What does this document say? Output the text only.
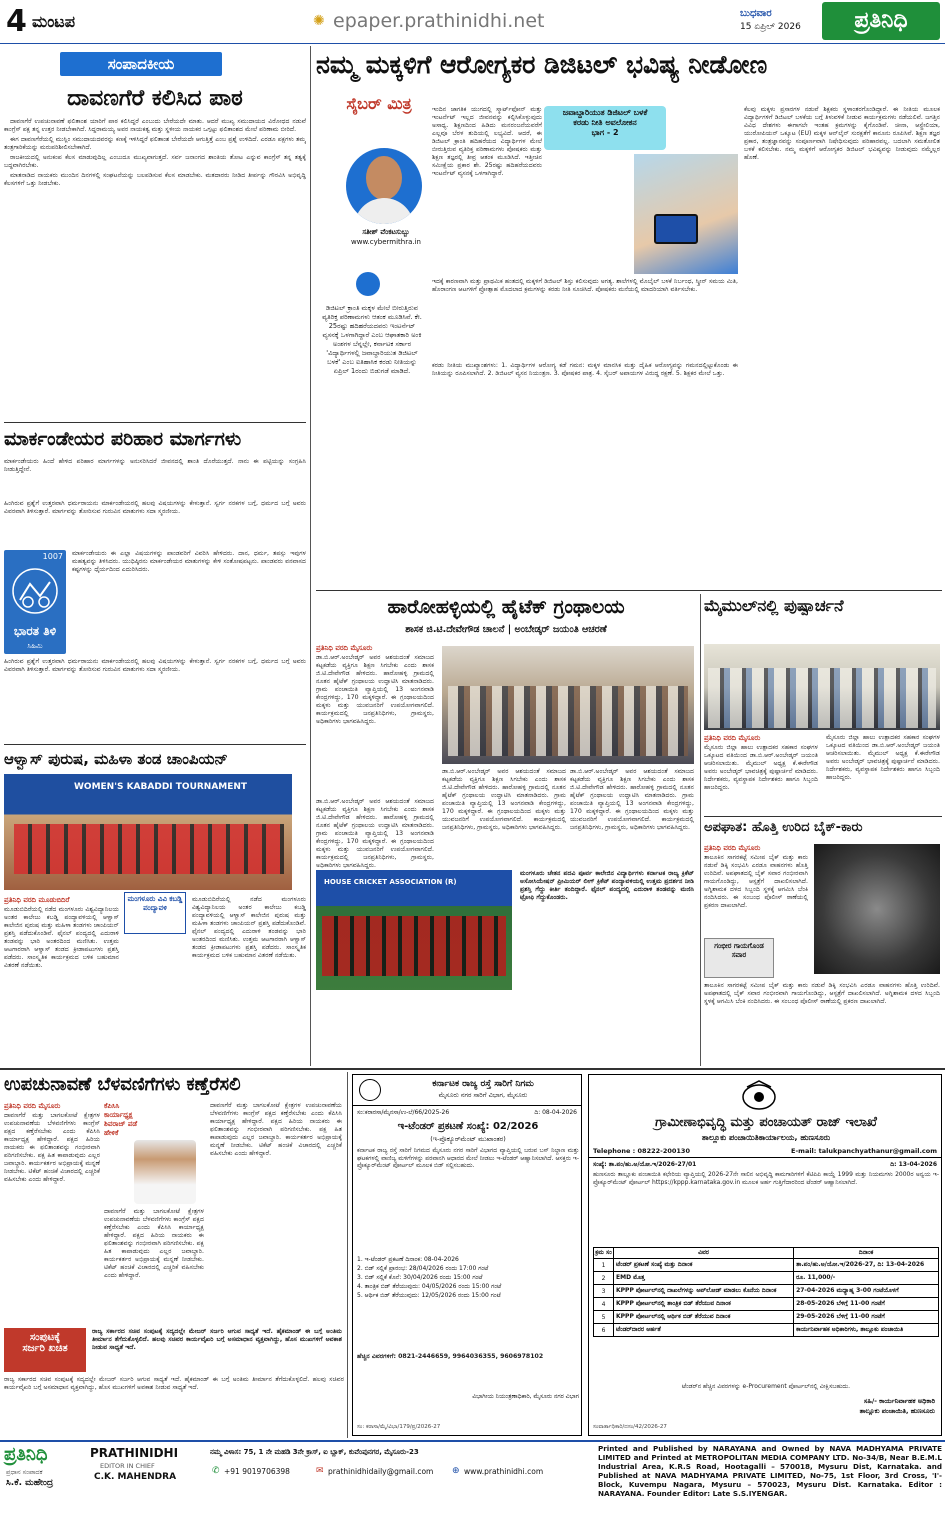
4 ಮಂಟಪ	✺ epaper.prathinidhi.net	ಬುಧವಾರ
15 ಏಪ್ರಿಲ್ 2026	ಪ್ರತಿನಿಧಿ
ಸಂಪಾದಕೀಯ
ದಾವಣಗೆರೆ ಕಲಿಸಿದ ಪಾಠ

ದಾವಣಗೆರೆ ಉಪಚುನಾವಣೆ ಫಲಿತಾಂಶ ಯಾರಿಗೆ ಪಾಠ ಕಲಿಸಿದ್ದರೆ ಎಂಬುದು ಬೇರೆಯದೇ ಮಾತು. ಆದರೆ ಮುಖ್ಯ ಸಮುದಾಯದ ವಿರೋಧದ ನಡುವೆ ಕಾಂಗ್ರೆಸ್ ಪಕ್ಷ ತನ್ನ ಉತ್ತರ ನೀಡಬೇಕಾಗಿದೆ. ಸಿದ್ದರಾಮಯ್ಯ ಅವರ ನಾಯಕತ್ವ ಮತ್ತು ಸ್ಥಳೀಯ ನಾಯಕರ ಒಗ್ಗಟ್ಟು ಫಲಿತಾಂಶದ ಮೇಲೆ ಪರಿಣಾಮ ಬೀರಿದೆ.

ಈಗ ದಾವಣಗೆರೆಯಲ್ಲಿ ಮುಸ್ಲಿಂ ಸಮುದಾಯದವರನ್ನು ಕಣಕ್ಕೆ ಇಳಿಸಿದ್ದರೆ ಫಲಿತಾಂಶ ಬೇರೆಯದೇ ಆಗುತ್ತಿತ್ತೆ ಎಂಬ ಪ್ರಶ್ನೆ ಉಳಿದಿದೆ. ಎರಡೂ ಪಕ್ಷಗಳು ತಮ್ಮ ತಂತ್ರಗಾರಿಕೆಯನ್ನು ಮರುಪರಿಶೀಲಿಸಬೇಕಾಗಿದೆ.

ರಾಜಕೀಯದಲ್ಲಿ ಅನುಕಂಪ ಕೆಲಸ ಮಾಡುವುದಿಲ್ಲ ಎಂಬುದೂ ಮುಖ್ಯವಾಗುತ್ತದೆ. ಸರ್ವ ಜನಾಂಗದ ಶಾಂತಿಯ ತೋಟ ಎನ್ನುವ ಕಾಂಗ್ರೆಸ್ ತನ್ನ ತತ್ವಕ್ಕೆ ಬದ್ಧವಾಗಿರಬೇಕು.

ಮಾತನಾಡಿದ ನಾಯಕರು ಮುಂದಿನ ದಿನಗಳಲ್ಲಿ ಸಂಘಟನೆಯನ್ನು ಬಲಪಡಿಸುವ ಕೆಲಸ ಮಾಡಬೇಕು. ಮತದಾರರು ನೀಡಿದ ತೀರ್ಪನ್ನು ಗೌರವಿಸಿ ಅಭಿವೃದ್ಧಿ ಕೆಲಸಗಳಿಗೆ ಒತ್ತು ನೀಡಬೇಕು.

ಮಾರ್ಕಂಡೇಯರ ಪರಿಹಾರ ಮಾರ್ಗಗಳು
ಮಾರ್ಕಂಡೇಯರು ಹಿಂದೆ ಹೇಳಿದ ಪರಿಹಾರ ಮಾರ್ಗಗಳನ್ನು ಅನುಸರಿಸಿದರೆ ಜೀವನದಲ್ಲಿ ಶಾಂತಿ ದೊರೆಯುತ್ತದೆ. ನಾನು ಈ ಪಟ್ಟಿಯನ್ನು ಸಂಗ್ರಹಿಸಿ ನೀಡುತ್ತಿದ್ದೇನೆ.
ಹಿಂಗಿರುವ ಪ್ರಶ್ನೆಗೆ ಉತ್ತರವಾಗಿ ಧರ್ಮರಾಯನು ಮಾರ್ಕಂಡೇಯರಲ್ಲಿ ಹಲವು ವಿಷಯಗಳನ್ನು ಕೇಳುತ್ತಾನೆ. ಸ್ವರ್ಗ ನರಕಗಳ ಬಗ್ಗೆ, ಧರ್ಮದ ಬಗ್ಗೆ ಅವರು ವಿವರವಾಗಿ ತಿಳಿಸುತ್ತಾರೆ. ಮಾರ್ಗವನ್ನು ತೋರಿಸುವ ಗುರುವಿನ ಮಾತುಗಳು ಸದಾ ಸ್ಮರಣೀಯ.
1007
ಭಾರತ ತಿಳಿ
ಸಿಹಿಮಿ
ಮಾರ್ಕಂಡೇಯರು ಈ ಎಲ್ಲಾ ವಿಷಯಗಳನ್ನು ಪಾಂಡವರಿಗೆ ವಿವರಿಸಿ ಹೇಳಿದರು. ದಾನ, ಧರ್ಮ, ತಪಸ್ಸು ಇವುಗಳ ಮಹತ್ವವನ್ನು ತಿಳಿಸಿದರು. ಯುಧಿಷ್ಠಿರನು ಮಾರ್ಕಂಡೇಯರ ಮಾತುಗಳನ್ನು ಕೇಳಿ ಸಂತೋಷಪಟ್ಟನು. ಪಾಂಡವರು ವನವಾಸದ ಕಷ್ಟಗಳನ್ನು ಧೈರ್ಯದಿಂದ ಎದುರಿಸಿದರು.
ಹಿಂಗಿರುವ ಪ್ರಶ್ನೆಗೆ ಉತ್ತರವಾಗಿ ಧರ್ಮರಾಯನು ಮಾರ್ಕಂಡೇಯರಲ್ಲಿ ಹಲವು ವಿಷಯಗಳನ್ನು ಕೇಳುತ್ತಾನೆ. ಸ್ವರ್ಗ ನರಕಗಳ ಬಗ್ಗೆ, ಧರ್ಮದ ಬಗ್ಗೆ ಅವರು ವಿವರವಾಗಿ ತಿಳಿಸುತ್ತಾರೆ. ಮಾರ್ಗವನ್ನು ತೋರಿಸುವ ಗುರುವಿನ ಮಾತುಗಳು ಸದಾ ಸ್ಮರಣೀಯ.
ಆಳ್ವಾಸ್ ಪುರುಷ, ಮಹಿಳಾ ತಂಡ ಚಾಂಪಿಯನ್
WOMEN'S KABADDI TOURNAMENT
ಪ್ರತಿನಿಧಿ ವರದಿ ಮೂಡುಬಿದಿರೆ	ಮಂಗಳೂರು ವಿವಿ ಕಬಡ್ಡಿ ಪಂದ್ಯಾವಳಿ
ಮೂಡುಬಿದಿರೆಯಲ್ಲಿ ನಡೆದ ಮಂಗಳೂರು ವಿಶ್ವವಿದ್ಯಾನಿಲಯ ಅಂತರ ಕಾಲೇಜು ಕಬಡ್ಡಿ ಪಂದ್ಯಾವಳಿಯಲ್ಲಿ ಆಳ್ವಾಸ್ ಕಾಲೇಜಿನ ಪುರುಷ ಮತ್ತು ಮಹಿಳಾ ತಂಡಗಳು ಚಾಂಪಿಯನ್ ಪ್ರಶಸ್ತಿ ಪಡೆದುಕೊಂಡಿವೆ. ಫೈನಲ್ ಪಂದ್ಯದಲ್ಲಿ ಎದುರಾಳಿ ತಂಡವನ್ನು ಭಾರಿ ಅಂತರದಿಂದ ಮಣಿಸಿತು. ಉತ್ತಮ ಆಟಗಾರರಾಗಿ ಆಳ್ವಾಸ್ ತಂಡದ ಕ್ರೀಡಾಪಟುಗಳು ಪ್ರಶಸ್ತಿ ಪಡೆದರು. ಸಾಂಸ್ಕೃತಿಕ ಕಾರ್ಯಕ್ರಮದ ಬಳಿಕ ಬಹುಮಾನ ವಿತರಣೆ ನಡೆಯಿತು.
ಮೂಡುಬಿದಿರೆಯಲ್ಲಿ ನಡೆದ ಮಂಗಳೂರು ವಿಶ್ವವಿದ್ಯಾನಿಲಯ ಅಂತರ ಕಾಲೇಜು ಕಬಡ್ಡಿ ಪಂದ್ಯಾವಳಿಯಲ್ಲಿ ಆಳ್ವಾಸ್ ಕಾಲೇಜಿನ ಪುರುಷ ಮತ್ತು ಮಹಿಳಾ ತಂಡಗಳು ಚಾಂಪಿಯನ್ ಪ್ರಶಸ್ತಿ ಪಡೆದುಕೊಂಡಿವೆ. ಫೈನಲ್ ಪಂದ್ಯದಲ್ಲಿ ಎದುರಾಳಿ ತಂಡವನ್ನು ಭಾರಿ ಅಂತರದಿಂದ ಮಣಿಸಿತು. ಉತ್ತಮ ಆಟಗಾರರಾಗಿ ಆಳ್ವಾಸ್ ತಂಡದ ಕ್ರೀಡಾಪಟುಗಳು ಪ್ರಶಸ್ತಿ ಪಡೆದರು. ಸಾಂಸ್ಕೃತಿಕ ಕಾರ್ಯಕ್ರಮದ ಬಳಿಕ ಬಹುಮಾನ ವಿತರಣೆ ನಡೆಯಿತು.
ನಮ್ಮ ಮಕ್ಕಳಿಗೆ ಆರೋಗ್ಯಕರ ಡಿಜಿಟಲ್ ಭವಿಷ್ಯ ನೀಡೋಣ
ಸೈಬರ್ ಮಿತ್ರ
ಸತೀಶ್ ವೆಂಕಟಸುಬ್ಬು
www.cybermithra.in
ಡಿಜಿಟಲ್ ಕ್ರಾಂತಿ ಮಕ್ಕಳ ಮೇಲೆ ಬೀರುತ್ತಿರುವ ವ್ಯತಿರಿಕ್ತ ಪರಿಣಾಮಗಳು ಆತಂಕ ಮೂಡಿಸಿವೆ. ಕೇ. 25ರಷ್ಟು ಹದಿಹರೆಯದವರು ಇಂಟರ್ನೆಟ್ ವ್ಯಸನಕ್ಕೆ ಒಳಗಾಗಿದ್ದಾರೆ ಎಂಬ ಆಘಾತಕಾರಿ ಅಂಕಿ ಅಂಶಗಳ ಬೆನ್ನಲ್ಲೇ, ಕರ್ನಾಟಕ ಸರ್ಕಾರ 'ವಿದ್ಯಾರ್ಥಿಗಳಲ್ಲಿ ಜವಾಬ್ದಾರಿಯುತ ಡಿಜಿಟಲ್ ಬಳಕೆ' ಎಂಬ ಐತಿಹಾಸಿಕ ಕರಡು ನೀತಿಯನ್ನು ಏಪ್ರಿಲ್ 1ರಂದು ಬಿಡುಗಡೆ ಮಾಡಿದೆ.
ಜವಾಬ್ದಾರಿಯುತ ಡಿಜಿಟಲ್ ಬಳಕೆ
ಕರಡು ನೀತಿ ಅವಲೋಕನ
ಭಾಗ - 2
ಇಂದಿನ ಜಾಗತಿಕ ಯುಗದಲ್ಲಿ ಸ್ಮಾರ್ಟ್‌ಫೋನ್ ಮತ್ತು ಇಂಟರ್ನೆಟ್ ಇಲ್ಲದ ಜೀವನವನ್ನು ಕಲ್ಪಿಸಿಕೊಳ್ಳುವುದು ಅಸಾಧ್ಯ. ಶಿಕ್ಷಣದಿಂದ ಹಿಡಿದು ಮನರಂಜನೆಯವರೆಗೆ ಎಲ್ಲವೂ ಬೆರಳ ತುದಿಯಲ್ಲಿ ಲಭ್ಯವಿದೆ. ಆದರೆ, ಈ ಡಿಜಿಟಲ್ ಕ್ರಾಂತಿ ಹದಿಹರೆಯದ ವಿದ್ಯಾರ್ಥಿಗಳ ಮೇಲೆ ಬೀರುತ್ತಿರುವ ವ್ಯತಿರಿಕ್ತ ಪರಿಣಾಮಗಳು ಪೋಷಕರು ಮತ್ತು ಶಿಕ್ಷಣ ತಜ್ಞರಲ್ಲಿ ತೀವ್ರ ಆತಂಕ ಮೂಡಿಸಿದೆ. ಇತ್ತೀಚಿನ ಸಮೀಕ್ಷೆಯ ಪ್ರಕಾರ ಶೇ. 25ರಷ್ಟು ಹದಿಹರೆಯದವರು ಇಂಟರ್ನೆಟ್ ವ್ಯಸನಕ್ಕೆ ಒಳಗಾಗಿದ್ದಾರೆ.
ಇದಕ್ಕೆ ಕಾರಣವಾಗಿ ಮತ್ತು ಪ್ರಾಥಮಿಕ ಹಂತದಲ್ಲಿ ಮಕ್ಕಳಿಗೆ ಡಿಜಿಟಲ್ ಶಿಸ್ತು ಕಲಿಸುವುದು ಅಗತ್ಯ. ಶಾಲೆಗಳಲ್ಲಿ ಮೊಬೈಲ್ ಬಳಕೆ ನಿರ್ಬಂಧ, ಸ್ಕ್ರೀನ್ ಸಮಯ ಮಿತಿ, ಹೊರಾಂಗಣ ಆಟಗಳಿಗೆ ಪ್ರೋತ್ಸಾಹ ಮೊದಲಾದ ಕ್ರಮಗಳನ್ನು ಕರಡು ನೀತಿ ಸೂಚಿಸಿದೆ. ಪೋಷಕರು ಮನೆಯಲ್ಲಿ ಮಾದರಿಯಾಗಿ ವರ್ತಿಸಬೇಕು.
ಕರಡು ನೀತಿಯ ಮುಖ್ಯಾಂಶಗಳು: 1. ವಿದ್ಯಾರ್ಥಿಗಳ ಆರೋಗ್ಯ ಕಡೆ ಗಮನ: ಮಕ್ಕಳ ಮಾನಸಿಕ ಮತ್ತು ದೈಹಿಕ ಆರೋಗ್ಯವನ್ನು ಗಮನದಲ್ಲಿಟ್ಟುಕೊಂಡು ಈ ನೀತಿಯನ್ನು ರೂಪಿಸಲಾಗಿದೆ. 2. ಡಿಜಿಟಲ್ ವ್ಯಸನ ನಿಯಂತ್ರಣ. 3. ಪೋಷಕರ ಪಾತ್ರ. 4. ಸೈಬರ್ ಅಪಾಯಗಳ ವಿರುದ್ಧ ರಕ್ಷಣೆ. 5. ಶಿಕ್ಷಕರ ಮೇಲೆ ಒತ್ತು.
ಕೆಲವು ಮಕ್ಕಳು ಪ್ರಸಾರಗಳ ನಡುವೆ ಶಿಕ್ಷಕರು ಸ್ಥಳಾಂತರಗೊಂಡಿದ್ದಾರೆ. ಈ ನೀತಿಯ ಮೂಲಕ ವಿದ್ಯಾರ್ಥಿಗಳಿಗೆ ಡಿಜಿಟಲ್ ಬಳಕೆಯ ಬಗ್ಗೆ ತಿಳುವಳಿಕೆ ನೀಡುವ ಕಾರ್ಯಕ್ರಮಗಳು ನಡೆಯಲಿವೆ. ಜಗತ್ತಿನ ವಿವಿಧ ದೇಶಗಳು ಈಗಾಗಲೇ ಇಂತಹ ಕ್ರಮಗಳನ್ನು ಕೈಗೊಂಡಿವೆ. ಚೀನಾ, ಆಸ್ಟ್ರೇಲಿಯಾ, ಯುರೋಪಿಯನ್ ಒಕ್ಕೂಟ (EU) ಮಕ್ಕಳ ಆನ್‌ಲೈನ್ ಸುರಕ್ಷತೆಗೆ ಕಾನೂನು ರೂಪಿಸಿವೆ. ಶಿಕ್ಷಣ ತಜ್ಞರ ಪ್ರಕಾರ, ತಂತ್ರಜ್ಞಾನವನ್ನು ಸಂಪೂರ್ಣವಾಗಿ ನಿಷೇಧಿಸುವುದು ಪರಿಹಾರವಲ್ಲ. ಬದಲಾಗಿ ಸಮತೋಲಿತ ಬಳಕೆ ಕಲಿಸಬೇಕು. ನಮ್ಮ ಮಕ್ಕಳಿಗೆ ಆರೋಗ್ಯಕರ ಡಿಜಿಟಲ್ ಭವಿಷ್ಯವನ್ನು ನೀಡುವುದು ನಮ್ಮೆಲ್ಲರ ಹೊಣೆ.
ಹಾರೋಹಳ್ಳಿಯಲ್ಲಿ ಹೈಟೆಕ್ ಗ್ರಂಥಾಲಯ
ಶಾಸಕ ಜಿ.ಟಿ.ದೇವೇಗೌಡ ಚಾಲನೆ | ಅಂಬೇಡ್ಕರ್ ಜಯಂತಿ ಆಚರಣೆ
ಪ್ರತಿನಿಧಿ ವರದಿ ಮೈಸೂರು
ಡಾ.ಬಿ.ಆರ್.ಅಂಬೇಡ್ಕರ್ ಅವರ ಆಶಯದಂತೆ ಸಮಾಜದ ಕಟ್ಟಕಡೆಯ ವ್ಯಕ್ತಿಗೂ ಶಿಕ್ಷಣ ಸಿಗಬೇಕು ಎಂದು ಶಾಸಕ ಜಿ.ಟಿ.ದೇವೇಗೌಡ ಹೇಳಿದರು. ಹಾರೋಹಳ್ಳಿ ಗ್ರಾಮದಲ್ಲಿ ನೂತನ ಹೈಟೆಕ್ ಗ್ರಂಥಾಲಯ ಉದ್ಘಾಟಿಸಿ ಮಾತನಾಡಿದರು. ಗ್ರಾಮ ಪಂಚಾಯಿತಿ ವ್ಯಾಪ್ತಿಯಲ್ಲಿ 13 ಅಂಗನವಾಡಿ ಕೇಂದ್ರಗಳಿದ್ದು, 170 ಮಕ್ಕಳಿದ್ದಾರೆ. ಈ ಗ್ರಂಥಾಲಯದಿಂದ ಮಕ್ಕಳು ಮತ್ತು ಯುವಜನರಿಗೆ ಉಪಯೋಗವಾಗಲಿದೆ. ಕಾರ್ಯಕ್ರಮದಲ್ಲಿ ಜನಪ್ರತಿನಿಧಿಗಳು, ಗ್ರಾಮಸ್ಥರು, ಅಧಿಕಾರಿಗಳು ಭಾಗವಹಿಸಿದ್ದರು.
ಡಾ.ಬಿ.ಆರ್.ಅಂಬೇಡ್ಕರ್ ಅವರ ಆಶಯದಂತೆ ಸಮಾಜದ ಕಟ್ಟಕಡೆಯ ವ್ಯಕ್ತಿಗೂ ಶಿಕ್ಷಣ ಸಿಗಬೇಕು ಎಂದು ಶಾಸಕ ಜಿ.ಟಿ.ದೇವೇಗೌಡ ಹೇಳಿದರು. ಹಾರೋಹಳ್ಳಿ ಗ್ರಾಮದಲ್ಲಿ ನೂತನ ಹೈಟೆಕ್ ಗ್ರಂಥಾಲಯ ಉದ್ಘಾಟಿಸಿ ಮಾತನಾಡಿದರು. ಗ್ರಾಮ ಪಂಚಾಯಿತಿ ವ್ಯಾಪ್ತಿಯಲ್ಲಿ 13 ಅಂಗನವಾಡಿ ಕೇಂದ್ರಗಳಿದ್ದು, 170 ಮಕ್ಕಳಿದ್ದಾರೆ. ಈ ಗ್ರಂಥಾಲಯದಿಂದ ಮಕ್ಕಳು ಮತ್ತು ಯುವಜನರಿಗೆ ಉಪಯೋಗವಾಗಲಿದೆ. ಕಾರ್ಯಕ್ರಮದಲ್ಲಿ ಜನಪ್ರತಿನಿಧಿಗಳು, ಗ್ರಾಮಸ್ಥರು, ಅಧಿಕಾರಿಗಳು ಭಾಗವಹಿಸಿದ್ದರು.
ಡಾ.ಬಿ.ಆರ್.ಅಂಬೇಡ್ಕರ್ ಅವರ ಆಶಯದಂತೆ ಸಮಾಜದ ಕಟ್ಟಕಡೆಯ ವ್ಯಕ್ತಿಗೂ ಶಿಕ್ಷಣ ಸಿಗಬೇಕು ಎಂದು ಶಾಸಕ ಜಿ.ಟಿ.ದೇವೇಗೌಡ ಹೇಳಿದರು. ಹಾರೋಹಳ್ಳಿ ಗ್ರಾಮದಲ್ಲಿ ನೂತನ ಹೈಟೆಕ್ ಗ್ರಂಥಾಲಯ ಉದ್ಘಾಟಿಸಿ ಮಾತನಾಡಿದರು. ಗ್ರಾಮ ಪಂಚಾಯಿತಿ ವ್ಯಾಪ್ತಿಯಲ್ಲಿ 13 ಅಂಗನವಾಡಿ ಕೇಂದ್ರಗಳಿದ್ದು, 170 ಮಕ್ಕಳಿದ್ದಾರೆ. ಈ ಗ್ರಂಥಾಲಯದಿಂದ ಮಕ್ಕಳು ಮತ್ತು ಯುವಜನರಿಗೆ ಉಪಯೋಗವಾಗಲಿದೆ. ಕಾರ್ಯಕ್ರಮದಲ್ಲಿ ಜನಪ್ರತಿನಿಧಿಗಳು, ಗ್ರಾಮಸ್ಥರು, ಅಧಿಕಾರಿಗಳು ಭಾಗವಹಿಸಿದ್ದರು.
ಡಾ.ಬಿ.ಆರ್.ಅಂಬೇಡ್ಕರ್ ಅವರ ಆಶಯದಂತೆ ಸಮಾಜದ ಕಟ್ಟಕಡೆಯ ವ್ಯಕ್ತಿಗೂ ಶಿಕ್ಷಣ ಸಿಗಬೇಕು ಎಂದು ಶಾಸಕ ಜಿ.ಟಿ.ದೇವೇಗೌಡ ಹೇಳಿದರು. ಹಾರೋಹಳ್ಳಿ ಗ್ರಾಮದಲ್ಲಿ ನೂತನ ಹೈಟೆಕ್ ಗ್ರಂಥಾಲಯ ಉದ್ಘಾಟಿಸಿ ಮಾತನಾಡಿದರು. ಗ್ರಾಮ ಪಂಚಾಯಿತಿ ವ್ಯಾಪ್ತಿಯಲ್ಲಿ 13 ಅಂಗನವಾಡಿ ಕೇಂದ್ರಗಳಿದ್ದು, 170 ಮಕ್ಕಳಿದ್ದಾರೆ. ಈ ಗ್ರಂಥಾಲಯದಿಂದ ಮಕ್ಕಳು ಮತ್ತು ಯುವಜನರಿಗೆ ಉಪಯೋಗವಾಗಲಿದೆ. ಕಾರ್ಯಕ್ರಮದಲ್ಲಿ ಜನಪ್ರತಿನಿಧಿಗಳು, ಗ್ರಾಮಸ್ಥರು, ಅಧಿಕಾರಿಗಳು ಭಾಗವಹಿಸಿದ್ದರು.
HOUSE CRICKET ASSOCIATION (R)
ಮಂಗಳೂರು ಚೇತನ ಪದವಿ ಪೂರ್ವ ಕಾಲೇಜಿನ ವಿದ್ಯಾರ್ಥಿಗಳು ಕರ್ನಾಟಕ ರಾಜ್ಯ ಕ್ರಿಕೆಟ್ ಅಸೋಸಿಯೇಷನ್ ಪ್ರೀಮಿಯರ್ ಲೀಗ್ ಕ್ರಿಕೆಟ್ ಪಂದ್ಯಾವಳಿಯಲ್ಲಿ ಉತ್ತಮ ಪ್ರದರ್ಶನ ನೀಡಿ ಪ್ರಶಸ್ತಿ ಗೆದ್ದು ಕೀರ್ತಿ ತಂದಿದ್ದಾರೆ. ಫೈನಲ್ ಪಂದ್ಯದಲ್ಲಿ ಎದುರಾಳಿ ತಂಡವನ್ನು ಮಣಿಸಿ ಟ್ರೋಫಿ ಗೆದ್ದುಕೊಂಡರು.
ಮೈಮುಲ್‌ನಲ್ಲಿ ಪುಷ್ಪಾರ್ಚನೆ
ಪ್ರತಿನಿಧಿ ವರದಿ ಮೈಸೂರು
ಮೈಸೂರು ಜಿಲ್ಲಾ ಹಾಲು ಉತ್ಪಾದಕರ ಸಹಕಾರ ಸಂಘಗಳ ಒಕ್ಕೂಟದ ವತಿಯಿಂದ ಡಾ.ಬಿ.ಆರ್.ಅಂಬೇಡ್ಕರ್ ಜಯಂತಿ ಆಚರಿಸಲಾಯಿತು. ಮೈಮುಲ್ ಅಧ್ಯಕ್ಷ ಕೆ.ಈರೇಗೌಡ ಅವರು ಅಂಬೇಡ್ಕರ್ ಭಾವಚಿತ್ರಕ್ಕೆ ಪುಷ್ಪಾರ್ಚನೆ ಮಾಡಿದರು. ನಿರ್ದೇಶಕರು, ವ್ಯವಸ್ಥಾಪಕ ನಿರ್ದೇಶಕರು ಹಾಗೂ ಸಿಬ್ಬಂದಿ ಹಾಜರಿದ್ದರು.
ಮೈಸೂರು ಜಿಲ್ಲಾ ಹಾಲು ಉತ್ಪಾದಕರ ಸಹಕಾರ ಸಂಘಗಳ ಒಕ್ಕೂಟದ ವತಿಯಿಂದ ಡಾ.ಬಿ.ಆರ್.ಅಂಬೇಡ್ಕರ್ ಜಯಂತಿ ಆಚರಿಸಲಾಯಿತು. ಮೈಮುಲ್ ಅಧ್ಯಕ್ಷ ಕೆ.ಈರೇಗೌಡ ಅವರು ಅಂಬೇಡ್ಕರ್ ಭಾವಚಿತ್ರಕ್ಕೆ ಪುಷ್ಪಾರ್ಚನೆ ಮಾಡಿದರು. ನಿರ್ದೇಶಕರು, ವ್ಯವಸ್ಥಾಪಕ ನಿರ್ದೇಶಕರು ಹಾಗೂ ಸಿಬ್ಬಂದಿ ಹಾಜರಿದ್ದರು.
ಅಪಘಾತ: ಹೊತ್ತಿ ಉರಿದ ಬೈಕ್-ಕಾರು
ಪ್ರತಿನಿಧಿ ವರದಿ ಮೈಸೂರು
ತಾಲೂಕಿನ ಸಾಗರಕಟ್ಟೆ ಸಮೀಪ ಬೈಕ್ ಮತ್ತು ಕಾರು ನಡುವೆ ಡಿಕ್ಕಿ ಸಂಭವಿಸಿ ಎರಡೂ ವಾಹನಗಳು ಹೊತ್ತಿ ಉರಿದಿವೆ. ಅಪಘಾತದಲ್ಲಿ ಬೈಕ್ ಸವಾರ ಗಂಭೀರವಾಗಿ ಗಾಯಗೊಂಡಿದ್ದು, ಆಸ್ಪತ್ರೆಗೆ ದಾಖಲಿಸಲಾಗಿದೆ. ಅಗ್ನಿಶಾಮಕ ದಳದ ಸಿಬ್ಬಂದಿ ಸ್ಥಳಕ್ಕೆ ಆಗಮಿಸಿ ಬೆಂಕಿ ನಂದಿಸಿದರು. ಈ ಸಂಬಂಧ ಪೊಲೀಸ್ ಠಾಣೆಯಲ್ಲಿ ಪ್ರಕರಣ ದಾಖಲಾಗಿದೆ.
ಗಂಭೀರ ಗಾಯಗೊಂಡ ಸವಾರ
ತಾಲೂಕಿನ ಸಾಗರಕಟ್ಟೆ ಸಮೀಪ ಬೈಕ್ ಮತ್ತು ಕಾರು ನಡುವೆ ಡಿಕ್ಕಿ ಸಂಭವಿಸಿ ಎರಡೂ ವಾಹನಗಳು ಹೊತ್ತಿ ಉರಿದಿವೆ. ಅಪಘಾತದಲ್ಲಿ ಬೈಕ್ ಸವಾರ ಗಂಭೀರವಾಗಿ ಗಾಯಗೊಂಡಿದ್ದು, ಆಸ್ಪತ್ರೆಗೆ ದಾಖಲಿಸಲಾಗಿದೆ. ಅಗ್ನಿಶಾಮಕ ದಳದ ಸಿಬ್ಬಂದಿ ಸ್ಥಳಕ್ಕೆ ಆಗಮಿಸಿ ಬೆಂಕಿ ನಂದಿಸಿದರು. ಈ ಸಂಬಂಧ ಪೊಲೀಸ್ ಠಾಣೆಯಲ್ಲಿ ಪ್ರಕರಣ ದಾಖಲಾಗಿದೆ.
ಉಪಚುನಾವಣೆ ಬೆಳವಣಿಗೆಗಳು ಕಣ್ತೆರೆಸಲಿ
ಪ್ರತಿನಿಧಿ ವರದಿ ಮೈಸೂರು
ದಾವಣಗೆರೆ ಮತ್ತು ಬಾಗಲಕೋಟೆ ಕ್ಷೇತ್ರಗಳ ಉಪಚುನಾವಣೆಯ ಬೆಳವಣಿಗೆಗಳು ಕಾಂಗ್ರೆಸ್ ಪಕ್ಷದ ಕಣ್ತೆರೆಸಬೇಕು ಎಂದು ಕೆಪಿಸಿಸಿ ಕಾರ್ಯಾಧ್ಯಕ್ಷ ಹೇಳಿದ್ದಾರೆ. ಪಕ್ಷದ ಹಿರಿಯ ನಾಯಕರು ಈ ಫಲಿತಾಂಶವನ್ನು ಗಂಭೀರವಾಗಿ ಪರಿಗಣಿಸಬೇಕು. ಪಕ್ಷ ಹಿತ ಕಾಪಾಡುವುದು ಎಲ್ಲರ ಜವಾಬ್ದಾರಿ. ಕಾರ್ಯಕರ್ತರ ಅಭಿಪ್ರಾಯಕ್ಕೆ ಮನ್ನಣೆ ನೀಡಬೇಕು. ಟಿಕೆಟ್ ಹಂಚಿಕೆ ವಿಚಾರದಲ್ಲಿ ಎಚ್ಚರಿಕೆ ವಹಿಸಬೇಕು ಎಂದು ಹೇಳಿದ್ದಾರೆ.
ಕೆಪಿಸಿಸಿ
ಕಾರ್ಯಾಧ್ಯಕ್ಷ
ಶಿವರಾಜ್ ಪಡೆ
ಹೇಳಿಕೆ
ದಾವಣಗೆರೆ ಮತ್ತು ಬಾಗಲಕೋಟೆ ಕ್ಷೇತ್ರಗಳ ಉಪಚುನಾವಣೆಯ ಬೆಳವಣಿಗೆಗಳು ಕಾಂಗ್ರೆಸ್ ಪಕ್ಷದ ಕಣ್ತೆರೆಸಬೇಕು ಎಂದು ಕೆಪಿಸಿಸಿ ಕಾರ್ಯಾಧ್ಯಕ್ಷ ಹೇಳಿದ್ದಾರೆ. ಪಕ್ಷದ ಹಿರಿಯ ನಾಯಕರು ಈ ಫಲಿತಾಂಶವನ್ನು ಗಂಭೀರವಾಗಿ ಪರಿಗಣಿಸಬೇಕು. ಪಕ್ಷ ಹಿತ ಕಾಪಾಡುವುದು ಎಲ್ಲರ ಜವಾಬ್ದಾರಿ. ಕಾರ್ಯಕರ್ತರ ಅಭಿಪ್ರಾಯಕ್ಕೆ ಮನ್ನಣೆ ನೀಡಬೇಕು. ಟಿಕೆಟ್ ಹಂಚಿಕೆ ವಿಚಾರದಲ್ಲಿ ಎಚ್ಚರಿಕೆ ವಹಿಸಬೇಕು ಎಂದು ಹೇಳಿದ್ದಾರೆ.
ದಾವಣಗೆರೆ ಮತ್ತು ಬಾಗಲಕೋಟೆ ಕ್ಷೇತ್ರಗಳ ಉಪಚುನಾವಣೆಯ ಬೆಳವಣಿಗೆಗಳು ಕಾಂಗ್ರೆಸ್ ಪಕ್ಷದ ಕಣ್ತೆರೆಸಬೇಕು ಎಂದು ಕೆಪಿಸಿಸಿ ಕಾರ್ಯಾಧ್ಯಕ್ಷ ಹೇಳಿದ್ದಾರೆ. ಪಕ್ಷದ ಹಿರಿಯ ನಾಯಕರು ಈ ಫಲಿತಾಂಶವನ್ನು ಗಂಭೀರವಾಗಿ ಪರಿಗಣಿಸಬೇಕು. ಪಕ್ಷ ಹಿತ ಕಾಪಾಡುವುದು ಎಲ್ಲರ ಜವಾಬ್ದಾರಿ. ಕಾರ್ಯಕರ್ತರ ಅಭಿಪ್ರಾಯಕ್ಕೆ ಮನ್ನಣೆ ನೀಡಬೇಕು. ಟಿಕೆಟ್ ಹಂಚಿಕೆ ವಿಚಾರದಲ್ಲಿ ಎಚ್ಚರಿಕೆ ವಹಿಸಬೇಕು ಎಂದು ಹೇಳಿದ್ದಾರೆ.
ಸಂಪುಟಕ್ಕೆ
ಸರ್ಜರಿ ಖಚಿತ
ರಾಜ್ಯ ಸರ್ಕಾರದ ಸಚಿವ ಸಂಪುಟಕ್ಕೆ ಸದ್ಯದಲ್ಲೇ ಮೇಜರ್ ಸರ್ಜರಿ ಆಗುವ ಸಾಧ್ಯತೆ ಇದೆ. ಹೈಕಮಾಂಡ್ ಈ ಬಗ್ಗೆ ಅಂತಿಮ ತೀರ್ಮಾನ ತೆಗೆದುಕೊಳ್ಳಲಿದೆ. ಹಲವು ಸಚಿವರ ಕಾರ್ಯವೈಖರಿ ಬಗ್ಗೆ ಅಸಮಾಧಾನ ವ್ಯಕ್ತವಾಗಿದ್ದು, ಹೊಸ ಮುಖಗಳಿಗೆ ಅವಕಾಶ ನೀಡುವ ಸಾಧ್ಯತೆ ಇದೆ.
ರಾಜ್ಯ ಸರ್ಕಾರದ ಸಚಿವ ಸಂಪುಟಕ್ಕೆ ಸದ್ಯದಲ್ಲೇ ಮೇಜರ್ ಸರ್ಜರಿ ಆಗುವ ಸಾಧ್ಯತೆ ಇದೆ. ಹೈಕಮಾಂಡ್ ಈ ಬಗ್ಗೆ ಅಂತಿಮ ತೀರ್ಮಾನ ತೆಗೆದುಕೊಳ್ಳಲಿದೆ. ಹಲವು ಸಚಿವರ ಕಾರ್ಯವೈಖರಿ ಬಗ್ಗೆ ಅಸಮಾಧಾನ ವ್ಯಕ್ತವಾಗಿದ್ದು, ಹೊಸ ಮುಖಗಳಿಗೆ ಅವಕಾಶ ನೀಡುವ ಸಾಧ್ಯತೆ ಇದೆ.
ಕರ್ನಾಟಕ ರಾಜ್ಯ ರಸ್ತೆ ಸಾರಿಗೆ ನಿಗಮ
ಮೈಸೂರು ನಗರ ಸಾರಿಗೆ ವಿಭಾಗ, ಮೈಸೂರು
ಸಂ:ಕರಾರಸಾ/ಮೈನಸಾ/ಉ-ಲೆ/66/2025-26	ದಿ: 08-04-2026
ಇ-ಟೆಂಡರ್ ಪ್ರಕಟಣೆ ಸಂಖ್ಯೆ: 02/2026
(ಇ-ಪ್ರೊಕ್ಯೂರ್‌ಮೆಂಟ್ ಮುಖಾಂತರ)
ಕರ್ನಾಟಕ ರಾಜ್ಯ ರಸ್ತೆ ಸಾರಿಗೆ ನಿಗಮದ ಮೈಸೂರು ನಗರ ಸಾರಿಗೆ ವಿಭಾಗದ ವ್ಯಾಪ್ತಿಯಲ್ಲಿ ಬರುವ ಬಸ್ ನಿಲ್ದಾಣ ಮತ್ತು ಘಟಕಗಳಲ್ಲಿ ವಾಣಿಜ್ಯ ಮಳಿಗೆಗಳನ್ನು ಪರವಾನಗಿ ಆಧಾರದ ಮೇಲೆ ನೀಡಲು ಇ-ಟೆಂಡರ್ ಆಹ್ವಾನಿಸಲಾಗಿದೆ. ಆಸಕ್ತರು ಇ-ಪ್ರೊಕ್ಯೂರ್‌ಮೆಂಟ್ ಪೋರ್ಟಲ್ ಮೂಲಕ ಬಿಡ್ ಸಲ್ಲಿಸಬಹುದು.
1. ಇ-ಟೆಂಡರ್ ಪ್ರಕಟಣೆ ದಿನಾಂಕ: 08-04-2026
2. ಬಿಡ್ ಸಲ್ಲಿಕೆ ಪ್ರಾರಂಭ: 28/04/2026 ರಂದು 17:00 ಗಂಟೆ
3. ಬಿಡ್ ಸಲ್ಲಿಕೆ ಕೊನೆ: 30/04/2026 ರಂದು 15:00 ಗಂಟೆ
4. ತಾಂತ್ರಿಕ ಬಿಡ್ ತೆರೆಯುವುದು: 04/05/2026 ರಂದು 15:00 ಗಂಟೆ
5. ಆರ್ಥಿಕ ಬಿಡ್ ತೆರೆಯುವುದು: 12/05/2026 ರಂದು 15:00 ಗಂಟೆ
ಹೆಚ್ಚಿನ ವಿವರಗಳಿಗೆ: 0821-2446659, 9964036355, 9606978102
ವಿಭಾಗೀಯ ನಿಯಂತ್ರಣಾಧಿಕಾರಿ, ಮೈಸೂರು ನಗರ ವಿಭಾಗ
ಸಂ: ಕರಾಸಾ/ಮೈ/ವಿಭಾ/179/ಪ್ರ/2026-27
ಗ್ರಾಮೀಣಾಭಿವೃದ್ಧಿ ಮತ್ತು ಪಂಚಾಯತ್ ರಾಜ್ ಇಲಾಖೆ
ತಾಲ್ಲೂಕು ಪಂಚಾಯಿತಿಕಾರ್ಯಾಲಯ, ಹುಣಸೂರು
Telephone : 08222-200130	E-mail: talukpanchyathanur@gmail.com
ಸಂಖ್ಯೆ: ತಾ.ಪಂ/ಹು.ಅ/ಯೋ.ಇ/2026-27/01	ದಿ: 13-04-2026
ಹುಣಸೂರು ತಾಲ್ಲೂಕು ಪಂಚಾಯಿತಿ ಕಛೇರಿಯ ವ್ಯಾಪ್ತಿಯಲ್ಲಿ 2026-27ನೇ ಸಾಲಿನ ಅಭಿವೃದ್ಧಿ ಕಾಮಗಾರಿಗಳಿಗೆ ಕೆಟಿಪಿಪಿ ಕಾಯ್ದೆ 1999 ಮತ್ತು ನಿಯಮಗಳು 2000ರ ಅನ್ವಯ ಇ-ಪ್ರೊಕ್ಯೂರ್‌ಮೆಂಟ್ ಪೋರ್ಟಲ್ https://kppp.karnataka.gov.in ಮೂಲಕ ಅರ್ಹ ಗುತ್ತಿಗೆದಾರರಿಂದ ಟೆಂಡರ್ ಆಹ್ವಾನಿಸಲಾಗಿದೆ.
ಕ್ರಮ ಸಂ	ವಿವರ	ದಿನಾಂಕ
1	ಟೆಂಡರ್ ಪ್ರಕಟಣೆ ಸಂಖ್ಯೆ ಮತ್ತು ದಿನಾಂಕ	ತಾ.ಪಂ/ಹು.ಅ/ಯೋ.ಇ/2026-27, ದಿ: 13-04-2026
2	EMD ಮೊತ್ತ	ರೂ. 11,000/-
3	KPPP ಪೋರ್ಟಲ್‌ನಲ್ಲಿ ದಾಖಲೆಗಳನ್ನು ಅಪ್‌ಲೋಡ್ ಮಾಡಲು ಕೊನೆಯ ದಿನಾಂಕ	27-04-2026 ಮಧ್ಯಾಹ್ನ 3-00 ಗಂಟೆಯೊಳಗೆ
4	KPPP ಪೋರ್ಟಲ್‌ನಲ್ಲಿ ತಾಂತ್ರಿಕ ಬಿಡ್ ತೆರೆಯುವ ದಿನಾಂಕ	28-05-2026 ಬೆಳಿಗ್ಗೆ 11-00 ಗಂಟೆಗೆ
5	KPPP ಪೋರ್ಟಲ್‌ನಲ್ಲಿ ಆರ್ಥಿಕ ಬಿಡ್ ತೆರೆಯುವ ದಿನಾಂಕ	29-05-2026 ಬೆಳಿಗ್ಗೆ 11-00 ಗಂಟೆಗೆ
6	ಟೆಂಡರ್‌ದಾರರ ಅರ್ಹತೆ	ಕಾರ್ಯನಿರ್ವಾಹಕ ಅಧಿಕಾರಿಗಳು, ತಾಲ್ಲೂಕು ಪಂಚಾಯಿತಿ
ಟೆಂಡರ್‌ನ ಹೆಚ್ಚಿನ ವಿವರಗಳನ್ನು e-Procurement ಪೋರ್ಟಲ್‌ನಲ್ಲಿ ವೀಕ್ಷಿಸಬಹುದು.
ಸಹಿ/- ಕಾರ್ಯನಿರ್ವಾಹಕ ಅಧಿಕಾರಿ
ತಾಲ್ಲೂಕು ಪಂಚಾಯಿತಿ, ಹುಣಸೂರು
ಸಂವಾರ್ತಾಧಿಕಾರಿ/ದಸಂ/42/2026-27
ಪ್ರತಿನಿಧಿ
ಪ್ರಧಾನ ಸಂಪಾದಕ
ಸಿ.ಕೆ. ಮಹೇಂದ್ರ
PRATHINIDHI
EDITOR IN CHIEF
C.K. MAHENDRA
ನಮ್ಮ ವಿಳಾಸ: 75, 1 ನೇ ಮಹಡಿ 3ನೇ ಕ್ರಾಸ್, ಐ ಬ್ಲಾಕ್, ಕುವೆಂಪುನಗರ, ಮೈಸೂರು-23
✆ +91 9019706398	✉ prathinidhidaily@gmail.com ⊕ www.prathinidhi.com
Printed and Published by NARAYANA and Owned by NAVA MADHYAMA PRIVATE LIMITED and Printed at METROPOLITAN MEDIA COMPANY LTD. No-34/B, Near B.E.M.L Industrial Area, K.R.S Road, Hootagalli – 570018, Mysuru Dist, Karnataka. and Published at NAVA MADHYAMA PRIVATE LIMITED, No-75, 1st Floor, 3rd Cross, 'I'- Block, Kuvempu Nagara, Mysuru – 570023, Mysuru Dist. Karnataka. Editor : NARAYANA. Founder Editor: Late S.S.IYENGAR.
